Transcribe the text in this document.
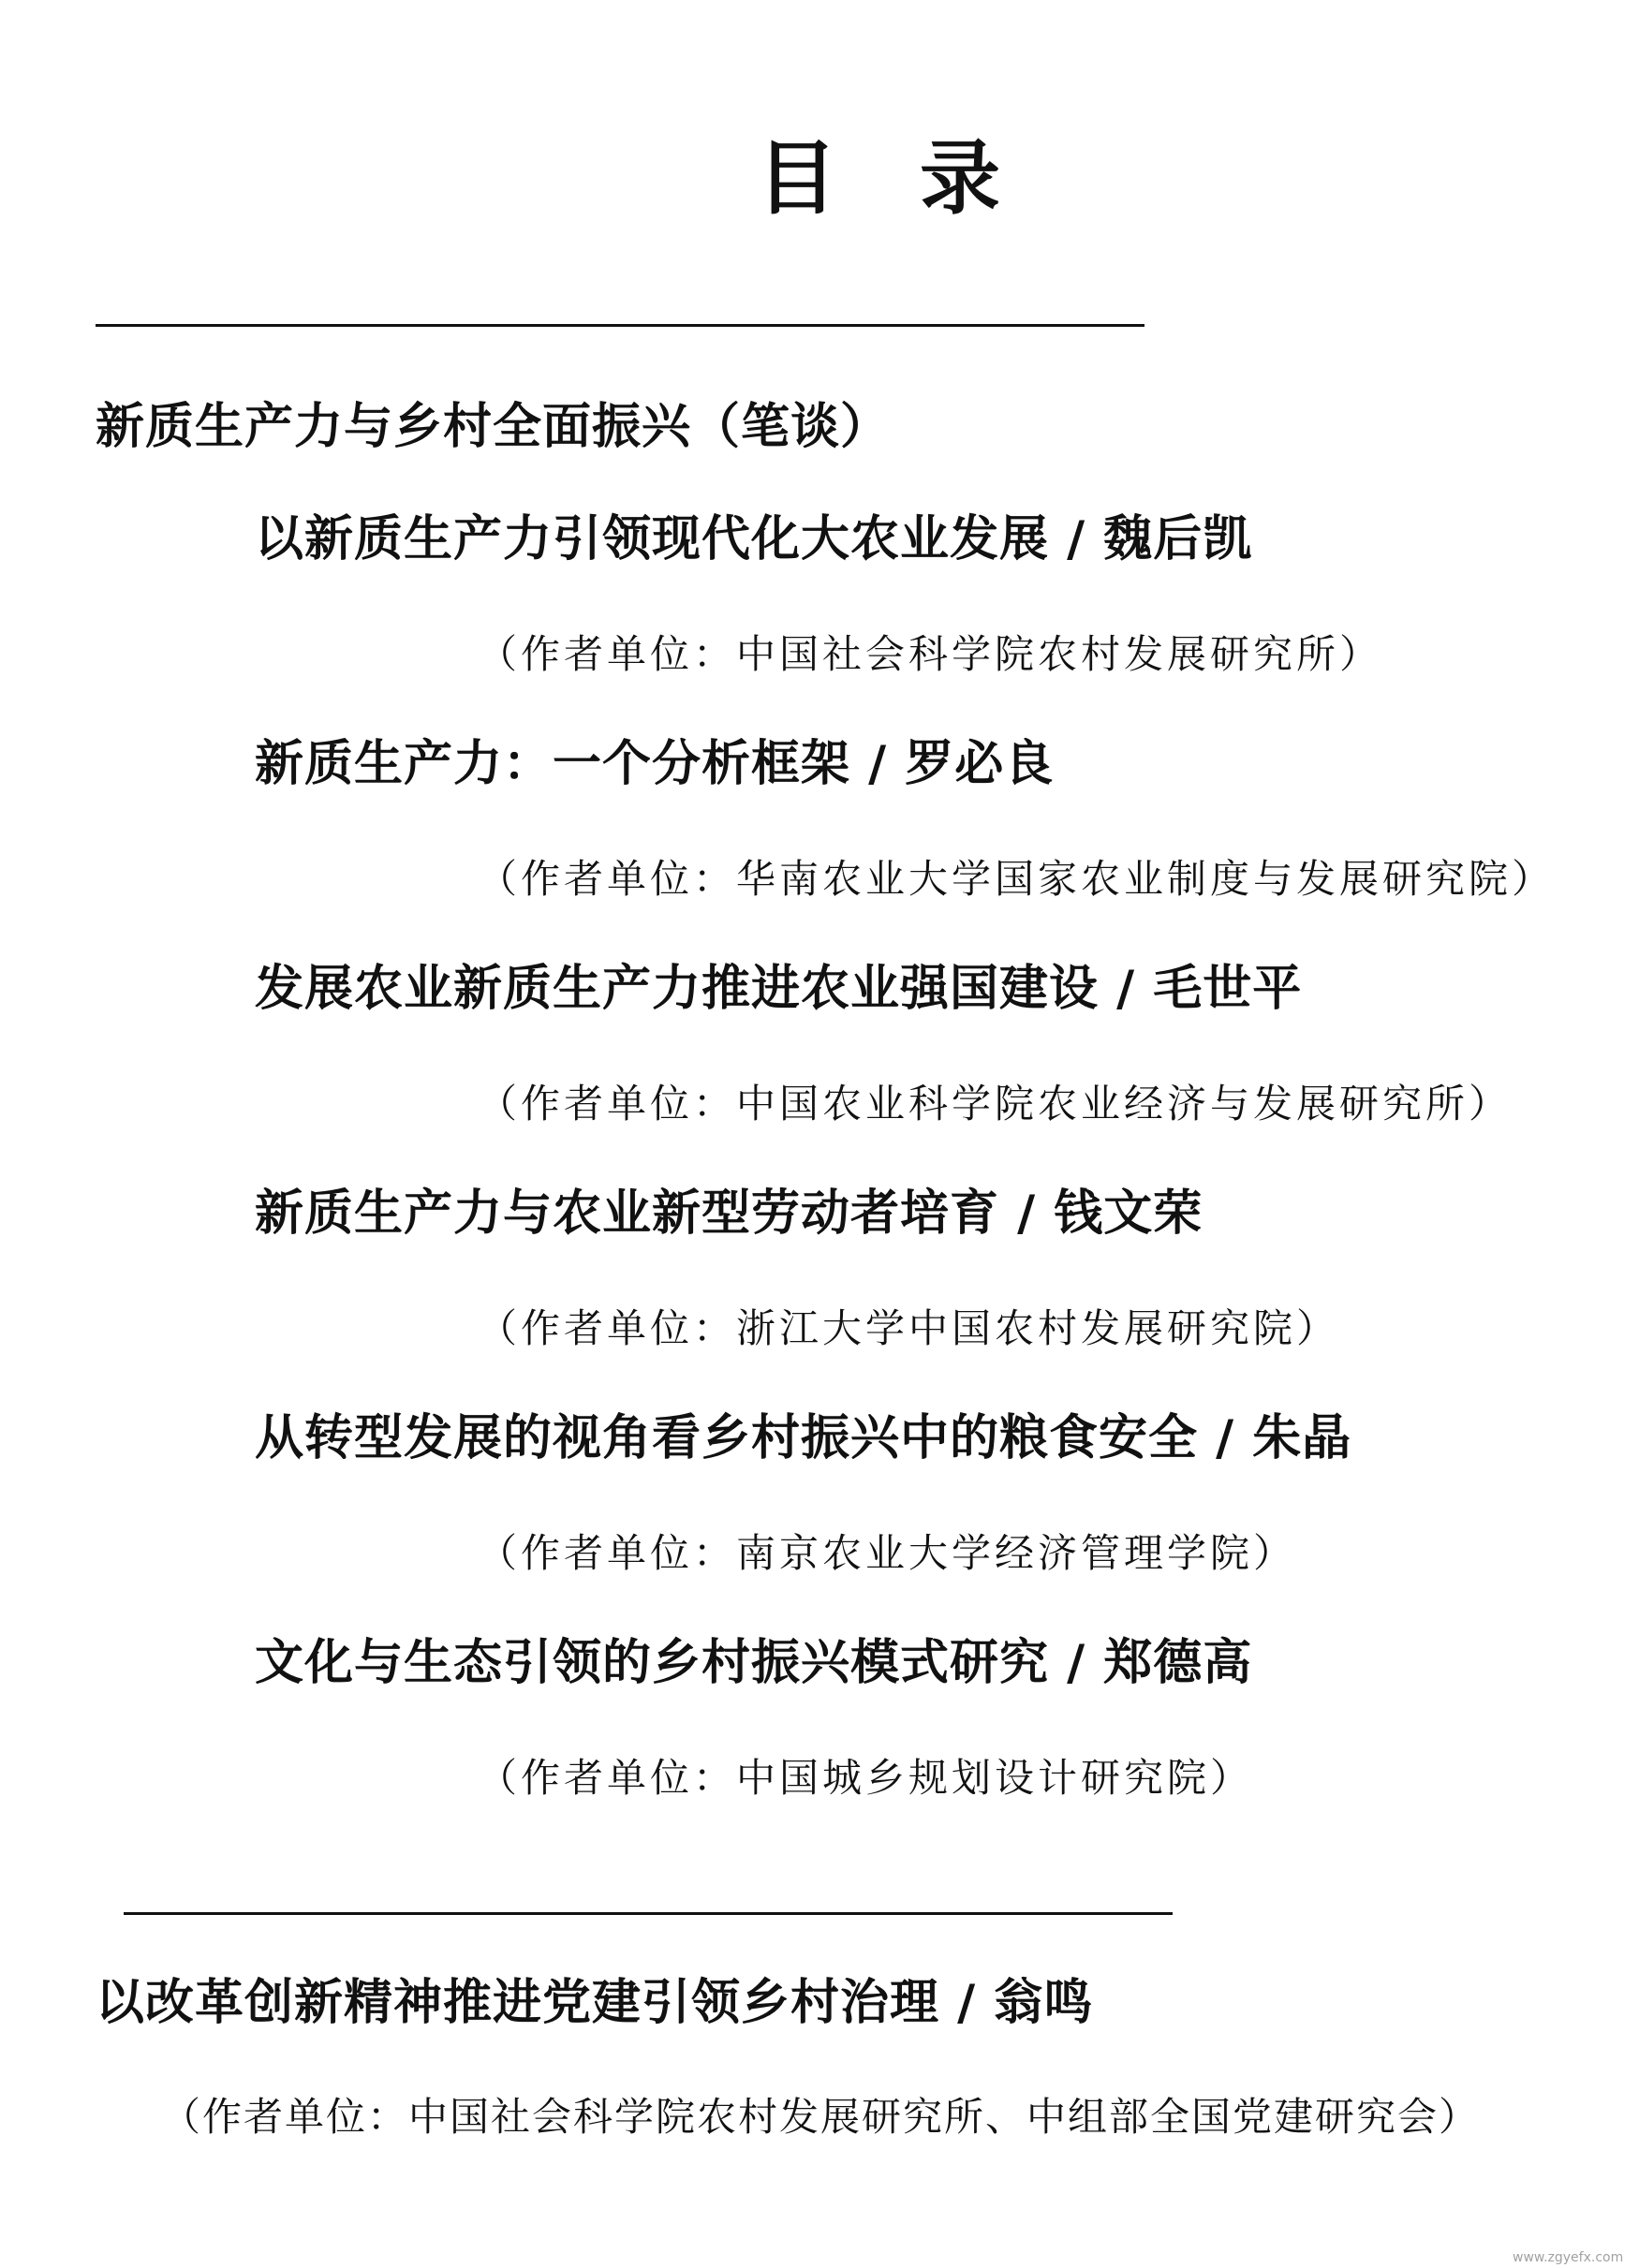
目 录
新质生产力与乡村全面振兴（笔谈）
以新质生产力引领现代化大农业发展 / 魏后凯
（作者单位：中国社会科学院农村发展研究所）
新质生产力：一个分析框架 / 罗必良
（作者单位：华南农业大学国家农业制度与发展研究院）
发展农业新质生产力推进农业强国建设 / 毛世平
（作者单位：中国农业科学院农业经济与发展研究所）
新质生产力与农业新型劳动者培育 / 钱文荣
（作者单位：浙江大学中国农村发展研究院）
从转型发展的视角看乡村振兴中的粮食安全 / 朱晶
（作者单位：南京农业大学经济管理学院）
文化与生态引领的乡村振兴模式研究 / 郑德高
（作者单位：中国城乡规划设计研究院）
以改革创新精神推进党建引领乡村治理 / 翁鸣
（作者单位：中国社会科学院农村发展研究所、中组部全国党建研究会）
www.zgyefx.com
